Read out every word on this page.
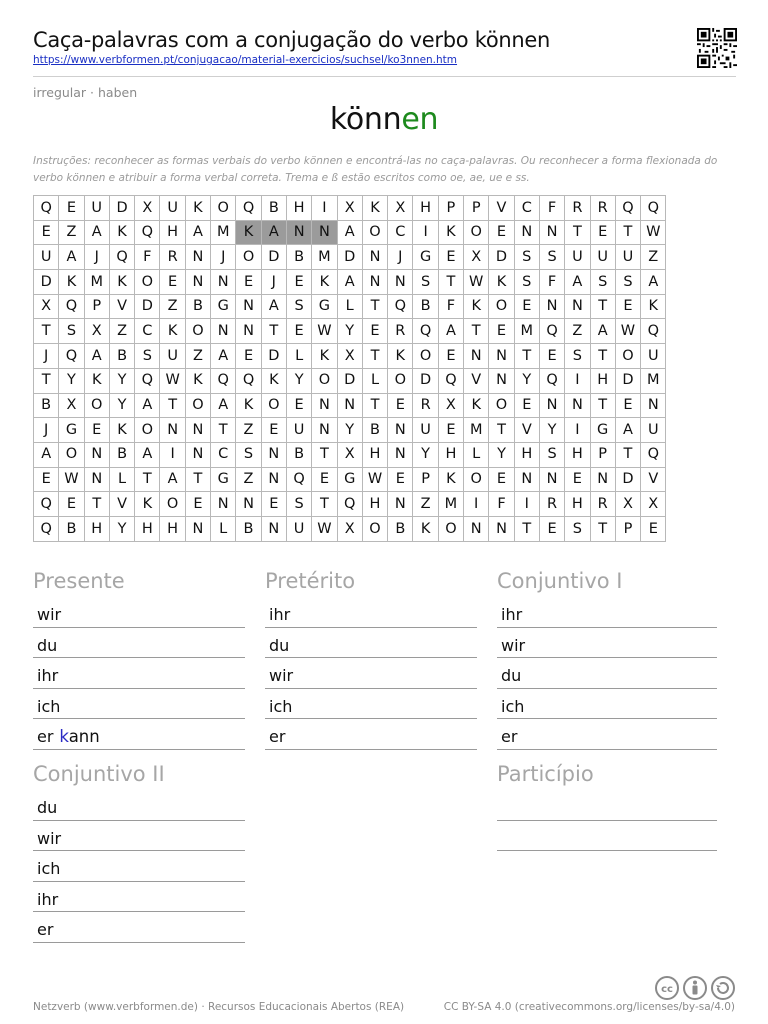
Caça-palavras com a conjugação do verbo können
https://www.verbformen.pt/conjugacao/material-exercicios/suchsel/ko3nnen.htm
irregular · haben
können
Instruções: reconhecer as formas verbais do verbo können e encontrá-las no caça-palavras. Ou reconhecer a forma flexionada do verbo können e atribuir a forma verbal correta. Trema e ß estão escritos como oe, ae, ue e ss.
Q	E	U	D	X	U	K	O	Q	B	H	I	X	K	X	H	P	P	V	C	F	R	R	Q	Q
E	Z	A	K	Q	H	A	M	K	A	N	N	A	O	C	I	K	O	E	N	N	T	E	T	W
U	A	J	Q	F	R	N	J	O	D	B	M	D	N	J	G	E	X	D	S	S	U	U	U	Z
D	K	M	K	O	E	N	N	E	J	E	K	A	N	N	S	T	W	K	S	F	A	S	S	A
X	Q	P	V	D	Z	B	G	N	A	S	G	L	T	Q	B	F	K	O	E	N	N	T	E	K
T	S	X	Z	C	K	O	N	N	T	E	W	Y	E	R	Q	A	T	E	M	Q	Z	A	W	Q
J	Q	A	B	S	U	Z	A	E	D	L	K	X	T	K	O	E	N	N	T	E	S	T	O	U
T	Y	K	Y	Q	W	K	Q	Q	K	Y	O	D	L	O	D	Q	V	N	Y	Q	I	H	D	M
B	X	O	Y	A	T	O	A	K	O	E	N	N	T	E	R	X	K	O	E	N	N	T	E	N
J	G	E	K	O	N	N	T	Z	E	U	N	Y	B	N	U	E	M	T	V	Y	I	G	A	U
A	O	N	B	A	I	N	C	S	N	B	T	X	H	N	Y	H	L	Y	H	S	H	P	T	Q
E	W	N	L	T	A	T	G	Z	N	Q	E	G	W	E	P	K	O	E	N	N	E	N	D	V
Q	E	T	V	K	O	E	N	N	E	S	T	Q	H	N	Z	M	I	F	I	R	H	R	X	X
Q	B	H	Y	H	H	N	L	B	N	U	W	X	O	B	K	O	N	N	T	E	S	T	P	E
Presente
wir
du
ihr
ich
er kann
Pretérito
ihr
du
wir
ich
er
Conjuntivo I
ihr
wir
du
ich
er
Conjuntivo II
du
wir
ich
ihr
er
Particípio
cc
Netzverb (www.verbformen.de) · Recursos Educacionais Abertos (REA)	CC BY-SA 4.0 (creativecommons.org/licenses/by-sa/4.0)
